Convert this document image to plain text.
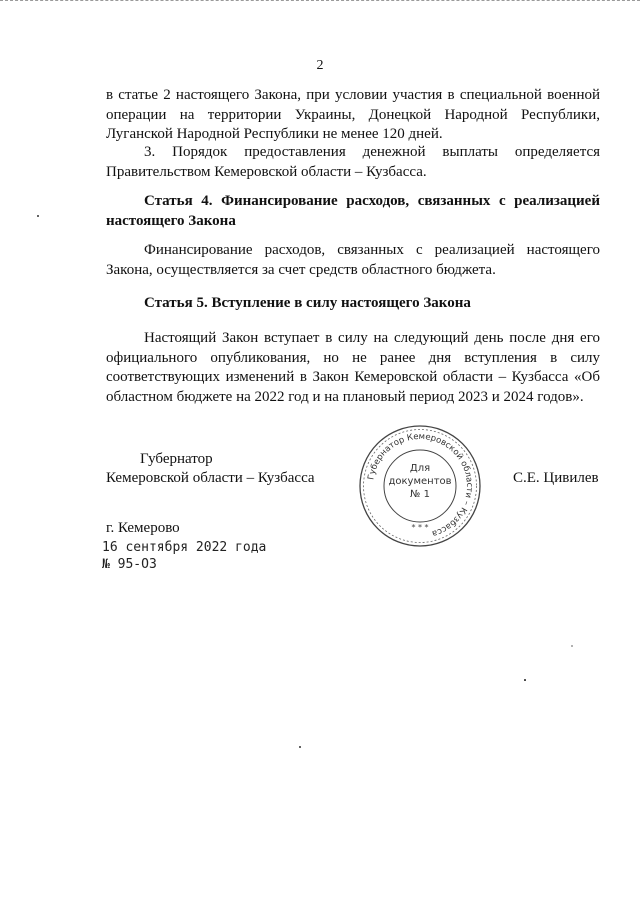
2
в статье 2 настоящего Закона, при условии участия в специальной военной операции на территории Украины, Донецкой Народной Республики, Луганской Народной Республики не менее 120 дней.
3. Порядок предоставления денежной выплаты определяется Правительством Кемеровской области – Кузбасса.
Статья 4. Финансирование расходов, связанных с реализацией настоящего Закона
Финансирование расходов, связанных с реализацией настоящего Закона, осуществляется за счет средств областного бюджета.
Статья 5. Вступление в силу настоящего Закона
Настоящий Закон вступает в силу на следующий день после дня его официального опубликования, но не ранее дня вступления в силу соответствующих изменений в Закон Кемеровской области – Кузбасса «Об областном бюджете на 2022 год и на плановый период 2023 и 2024 годов».
Губернатор
Кемеровской области – Кузбасса	С.Е. Цивилев
Губернатор Кемеровской области – Кузбасса
Для
документов
№ 1
* * *
г. Кемерово
16 сентября 2022 года
№ 95-ОЗ
